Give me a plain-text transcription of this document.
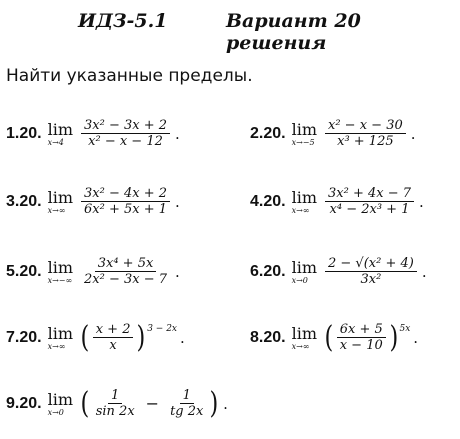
ИДЗ-5.1	Вариант 20 решения
Найти указанные пределы.
1.20. lim
$x\to 4 \frac{\text{3x² − 3x + 2}}{\text{x² − x − 12}}$ .	2.20. lim
$x\to-5 \frac{\text{x² − x − 30}}{\text{x³ + 125}}$ .
3.20. lim
$x\to\infty \frac{\text{3x² − 4x + 2}}{\text{6x² + 5x + 1}}$ .	4.20. lim
$x\to\infty \frac{\text{3x² + 4x − 7}}{\text{x⁴ − 2x³ + 1}}$ .
5.20. lim
$x\to-\infty \frac{\text{3x⁴ + 5x}}{\text{2x² − 3x − 7}}$ .	6.20. lim
$x\to 0 \frac{\text{2 − √(x² + 4)}}{\text{3x²}}$ .
7.20. lim
x→∞ ( $\frac{x + 2}{x}$ ) 3 − 2x .	8.20. lim
x→∞ ( $\frac{6x + 5}{x - 10}$ ) 5x .
9.20. lim
x→0 ( $\frac{1}{\sin 2x} - \frac{1}{tg 2x}$ ) .
